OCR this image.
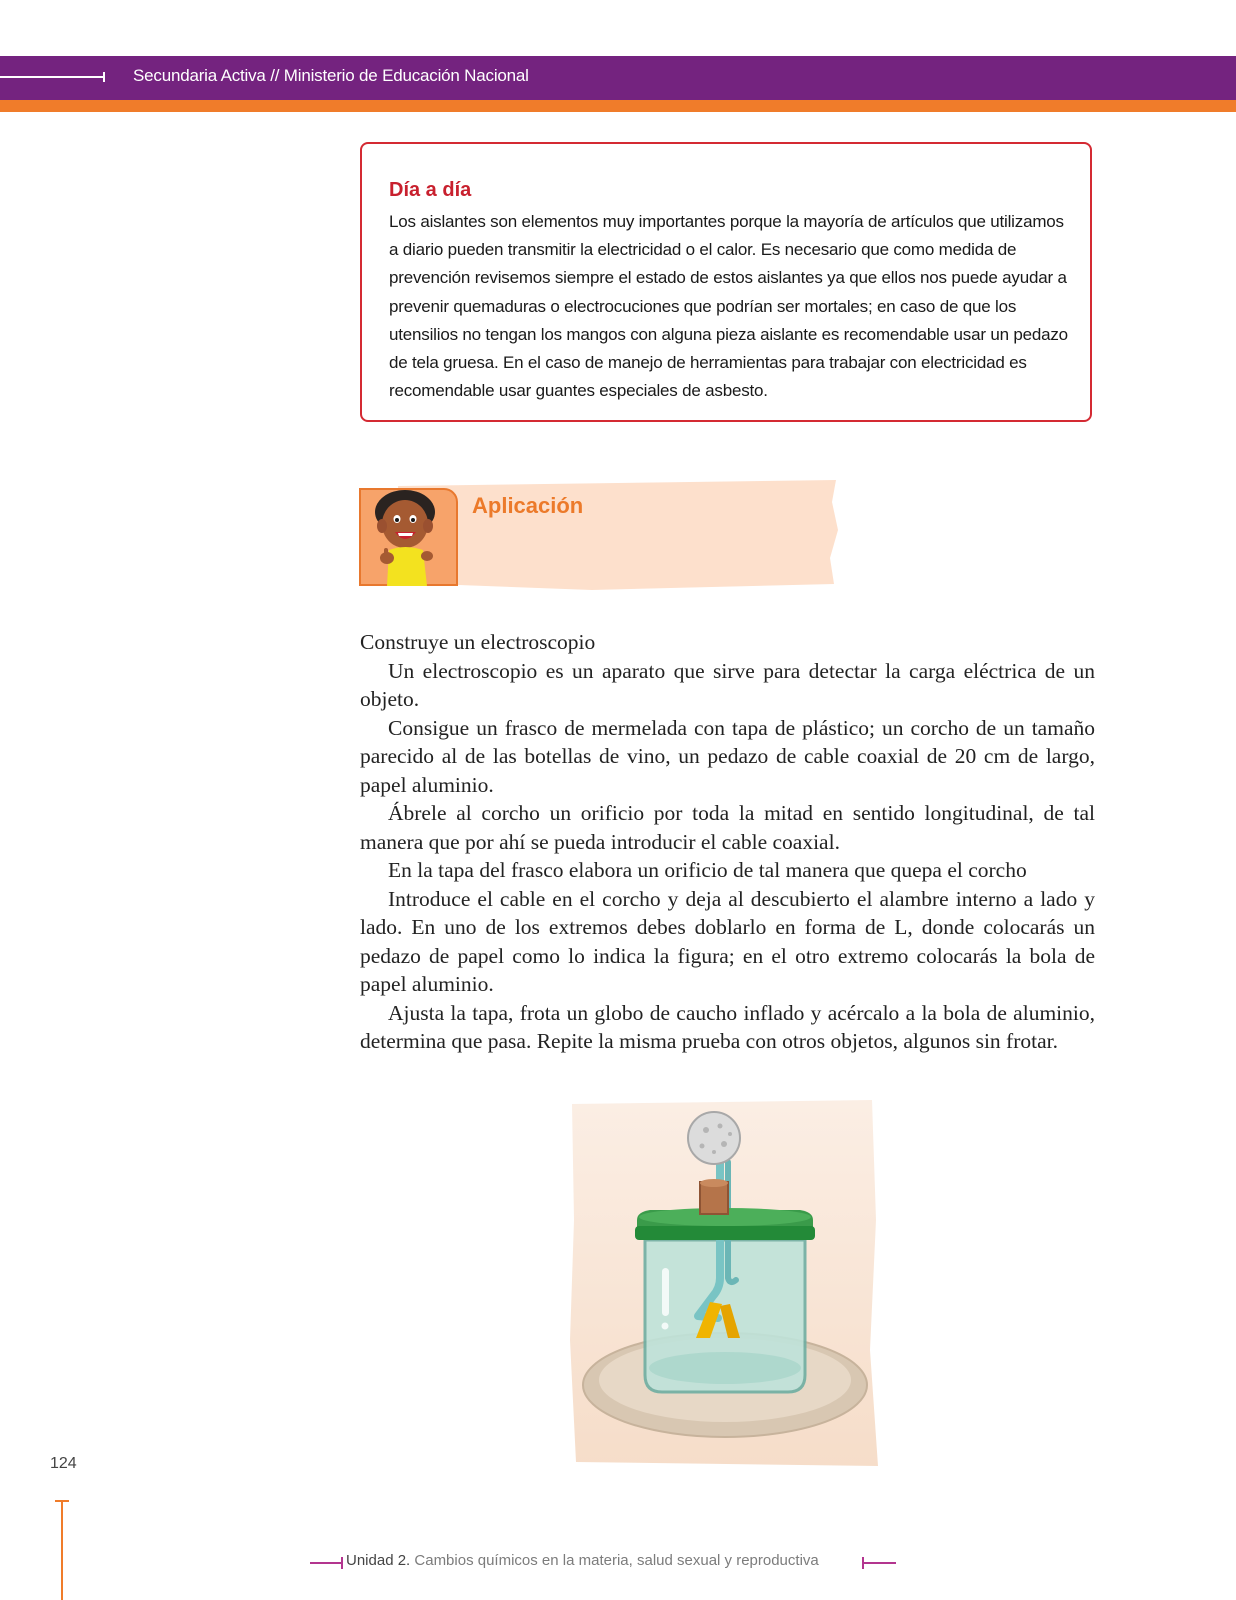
Secundaria Activa // Ministerio de Educación Nacional
Día a día
Los aislantes son elementos muy importantes porque la mayoría de artículos que utilizamos a diario pueden transmitir la electricidad o el calor. Es necesario que como medida de prevención revisemos siempre el estado de estos aislantes ya que ellos nos puede ayudar a prevenir quemaduras o electrocuciones que podrían ser mortales; en caso de que los utensilios no tengan los mangos con alguna pieza aislante es recomendable usar un pedazo de tela gruesa. En el caso de manejo de herramientas para trabajar con electricidad es recomendable usar guantes especiales de asbesto.
Aplicación

Construye un electroscopio

Un electroscopio es un aparato que sirve para detectar la carga eléctrica de un objeto.

Consigue un frasco de mermelada con tapa de plástico; un corcho de un tamaño parecido al de las botellas de vino, un pedazo de cable coaxial de 20 cm de largo, papel aluminio.

Ábrele al corcho un orificio por toda la mitad en sentido longitudinal, de tal manera que por ahí se pueda introducir el cable coaxial.

En la tapa del frasco elabora un orificio de tal manera que quepa el corcho

Introduce el cable en el corcho y deja al descubierto el alambre interno a lado y lado. En uno de los extremos debes doblarlo en forma de L, donde colocarás un pedazo de papel como lo indica la figura; en el otro extremo colocarás la bola de papel aluminio.

Ajusta la tapa, frota un globo de caucho inflado y acércalo a la bola de aluminio, determina que pasa. Repite la misma prueba con otros objetos, algunos sin frotar.

124
Unidad 2. Cambios químicos en la materia, salud sexual y reproductiva
